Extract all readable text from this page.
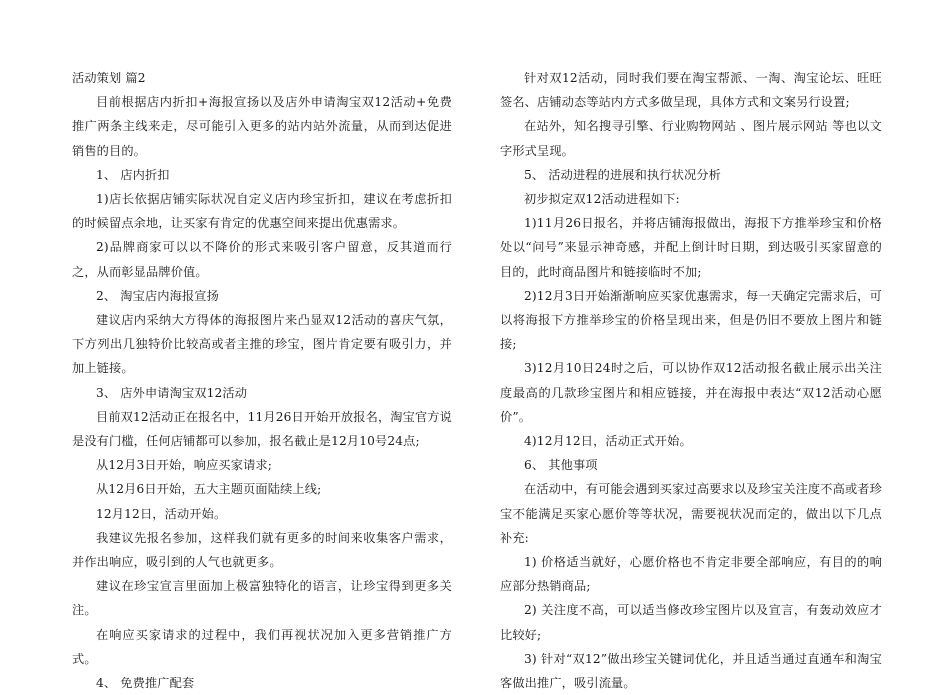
活动策划 篇2

目前根据店内折扣+海报宣扬以及店外申请淘宝双12活动+免费推广两条主线来走，尽可能引入更多的站内站外流量，从而到达促进销售的目的。

1、 店内折扣

1)店长依据店铺实际状况自定义店内珍宝折扣，建议在考虑折扣的时候留点余地，让买家有肯定的优惠空间来提出优惠需求。

2)品牌商家可以以不降价的形式来吸引客户留意，反其道而行之，从而彰显品牌价值。

2、 淘宝店内海报宣扬

建议店内采纳大方得体的海报图片来凸显双12活动的喜庆气氛，下方列出几独特价比较高或者主推的珍宝，图片肯定要有吸引力，并加上链接。

3、 店外申请淘宝双12活动

目前双12活动正在报名中，11月26日开始开放报名，淘宝官方说是没有门槛，任何店铺都可以参加，报名截止是12月10号24点;

从12月3日开始，响应买家请求;

从12月6日开始，五大主题页面陆续上线;

12月12日，活动开始。

我建议先报名参加，这样我们就有更多的时间来收集客户需求，并作出响应，吸引到的人气也就更多。

建议在珍宝宣言里面加上极富独特化的语言，让珍宝得到更多关注。

在响应买家请求的过程中，我们再视状况加入更多营销推广方式。

4、 免费推广配套

针对双12活动，同时我们要在淘宝帮派、一淘、淘宝论坛、旺旺签名、店铺动态等站内方式多做呈现，具体方式和文案另行设置;

在站外，知名搜寻引擎、行业购物网站 、图片展示网站 等也以文字形式呈现。

5、 活动进程的进展和执行状况分析

初步拟定双12活动进程如下:

1)11月26日报名，并将店铺海报做出，海报下方推举珍宝和价格处以“问号”来显示神奇感，并配上倒计时日期，到达吸引买家留意的目的，此时商品图片和链接临时不加;

2)12月3日开始渐渐响应买家优惠需求，每一天确定完需求后，可以将海报下方推举珍宝的价格呈现出来，但是仍旧不要放上图片和链接;

3)12月10日24时之后，可以协作双12活动报名截止展示出关注度最高的几款珍宝图片和相应链接，并在海报中表达“双12活动心愿价”。

4)12月12日，活动正式开始。

6、 其他事项

在活动中，有可能会遇到买家过高要求以及珍宝关注度不高或者珍宝不能满足买家心愿价等等状况，需要视状况而定的，做出以下几点补充:

1) 价格适当就好，心愿价格也不肯定非要全部响应，有目的的响应部分热销商品;

2) 关注度不高，可以适当修改珍宝图片以及宣言，有轰动效应才比较好;

3) 针对“双12”做出珍宝关键词优化，并且适当通过直通车和淘宝客做出推广，吸引流量。
